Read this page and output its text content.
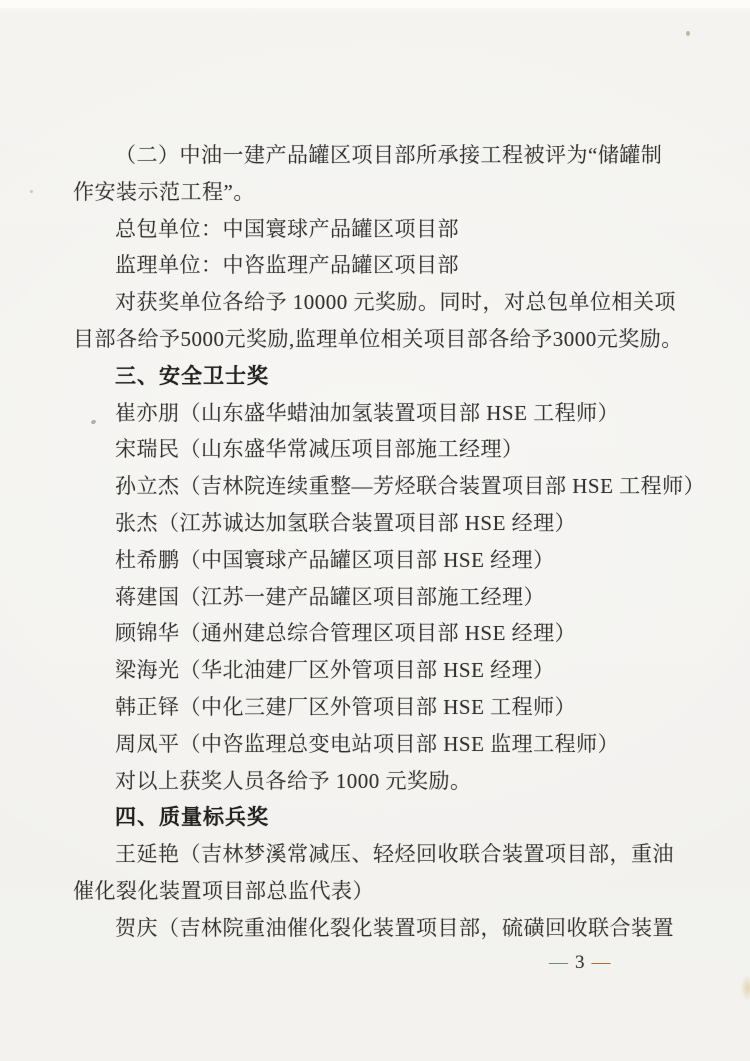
（二）中油一建产品罐区项目部所承接工程被评为“储罐制
作安装示范工程”。
总包单位：中国寰球产品罐区项目部
监理单位：中咨监理产品罐区项目部
对获奖单位各给予 10000 元奖励。同时，对总包单位相关项
目部各给予5000元奖励,监理单位相关项目部各给予3000元奖励。
三、安全卫士奖
崔亦朋（山东盛华蜡油加氢装置项目部 HSE 工程师）
宋瑞民（山东盛华常减压项目部施工经理）
孙立杰（吉林院连续重整—芳烃联合装置项目部 HSE 工程师）
张杰（江苏诚达加氢联合装置项目部 HSE 经理）
杜希鹏（中国寰球产品罐区项目部 HSE 经理）
蒋建国（江苏一建产品罐区项目部施工经理）
顾锦华（通州建总综合管理区项目部 HSE 经理）
梁海光（华北油建厂区外管项目部 HSE 经理）
韩正铎（中化三建厂区外管项目部 HSE 工程师）
周凤平（中咨监理总变电站项目部 HSE 监理工程师）
对以上获奖人员各给予 1000 元奖励。
四、质量标兵奖
王延艳（吉林梦溪常减压、轻烃回收联合装置项目部，重油
催化裂化装置项目部总监代表）
贺庆（吉林院重油催化裂化装置项目部，硫磺回收联合装置
— 3 —
